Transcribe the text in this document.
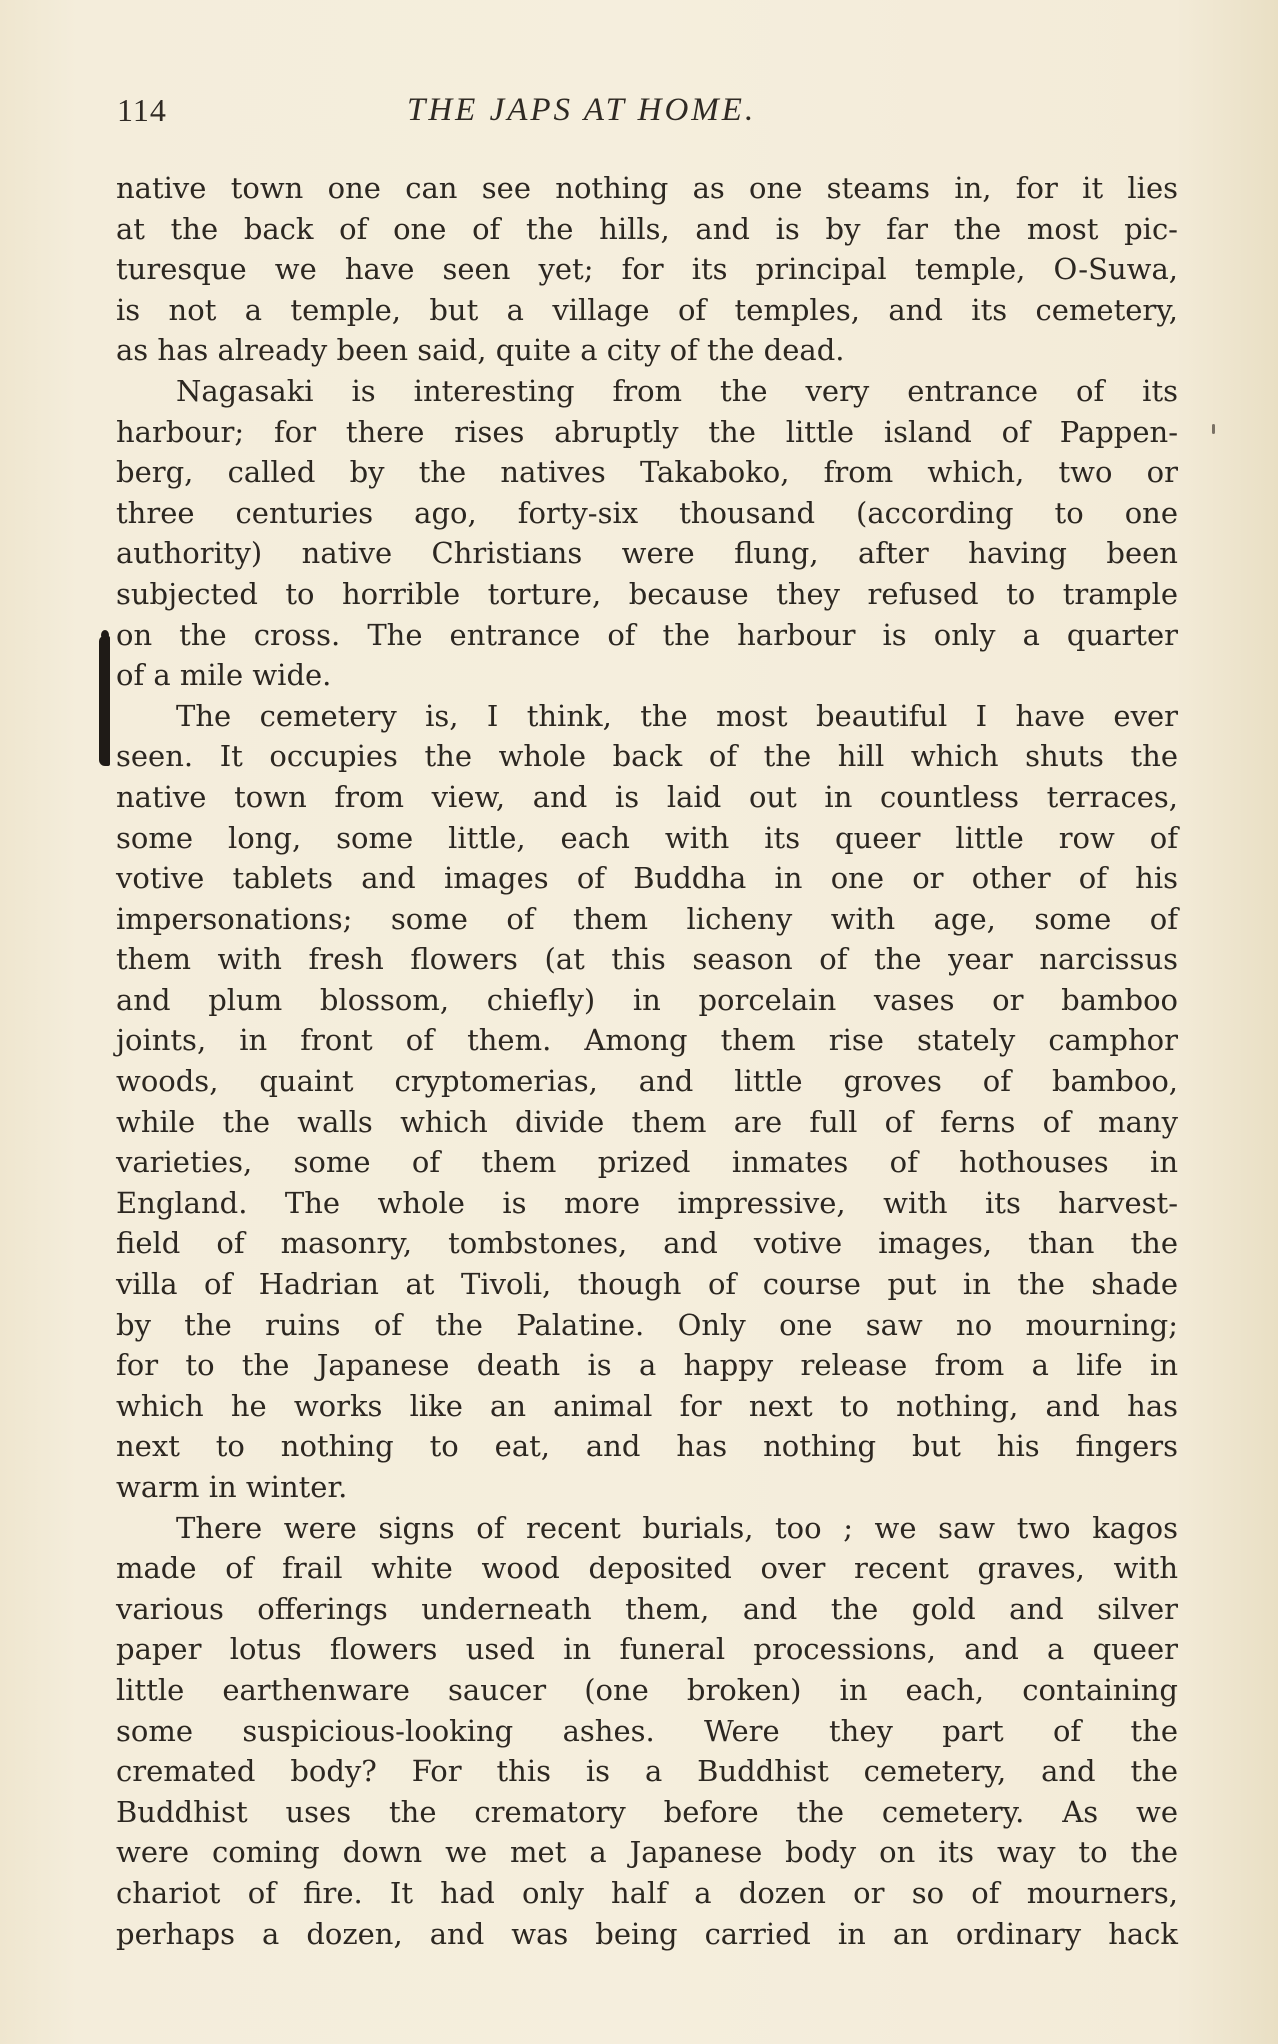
114	THE JAPS AT HOME.
native town one can see nothing as one steams in, for it lies
at the back of one of the hills, and is by far the most pic-
turesque we have seen yet; for its principal temple, O-Suwa,
is not a temple, but a village of temples, and its cemetery,
as has already been said, quite a city of the dead.
Nagasaki is interesting from the very entrance of its
harbour; for there rises abruptly the little island of Pappen-
berg, called by the natives Takaboko, from which, two or
three centuries ago, forty-six thousand (according to one
authority) native Christians were flung, after having been
subjected to horrible torture, because they refused to trample
on the cross. The entrance of the harbour is only a quarter
of a mile wide.
The cemetery is, I think, the most beautiful I have ever
seen. It occupies the whole back of the hill which shuts the
native town from view, and is laid out in countless terraces,
some long, some little, each with its queer little row of
votive tablets and images of Buddha in one or other of his
impersonations; some of them licheny with age, some of
them with fresh flowers (at this season of the year narcissus
and plum blossom, chiefly) in porcelain vases or bamboo
joints, in front of them. Among them rise stately camphor
woods, quaint cryptomerias, and little groves of bamboo,
while the walls which divide them are full of ferns of many
varieties, some of them prized inmates of hothouses in
England. The whole is more impressive, with its harvest-
field of masonry, tombstones, and votive images, than the
villa of Hadrian at Tivoli, though of course put in the shade
by the ruins of the Palatine. Only one saw no mourning;
for to the Japanese death is a happy release from a life in
which he works like an animal for next to nothing, and has
next to nothing to eat, and has nothing but his fingers
warm in winter.
There were signs of recent burials, too ; we saw two kagos
made of frail white wood deposited over recent graves, with
various offerings underneath them, and the gold and silver
paper lotus flowers used in funeral processions, and a queer
little earthenware saucer (one broken) in each, containing
some suspicious-looking ashes. Were they part of the
cremated body? For this is a Buddhist cemetery, and the
Buddhist uses the crematory before the cemetery. As we
were coming down we met a Japanese body on its way to the
chariot of fire. It had only half a dozen or so of mourners,
perhaps a dozen, and was being carried in an ordinary hack
